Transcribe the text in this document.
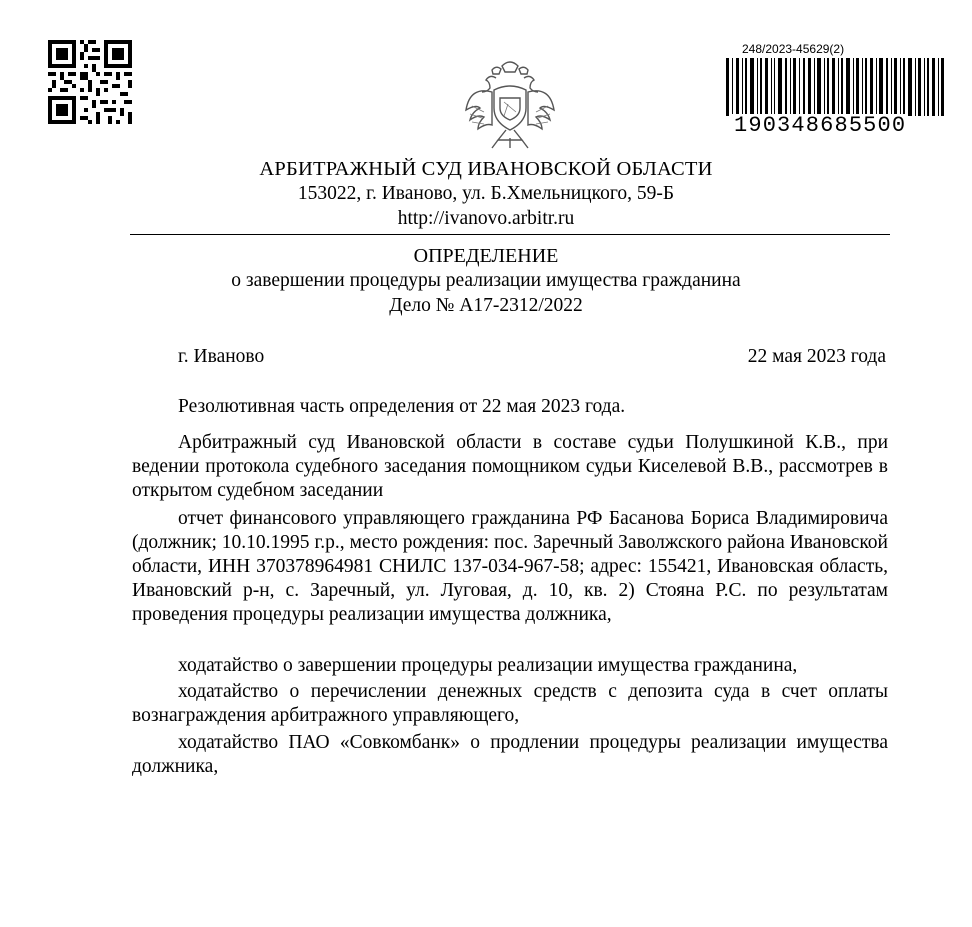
248/2023-45629(2)
190348685500
АРБИТРАЖНЫЙ СУД ИВАНОВСКОЙ ОБЛАСТИ
153022, г. Иваново, ул. Б.Хмельницкого, 59-Б
http://ivanovo.arbitr.ru
ОПРЕДЕЛЕНИЕ
о завершении процедуры реализации имущества гражданина
Дело № А17-2312/2022
г. Иваново	22 мая 2023 года
Резолютивная часть определения от 22 мая 2023 года.
Арбитражный суд Ивановской области в составе судьи Полушкиной К.В., при ведении протокола судебного заседания помощником судьи Киселевой В.В., рассмотрев в открытом судебном заседании
отчет финансового управляющего гражданина РФ Басанова Бориса Владимировича (должник; 10.10.1995 г.р., место рождения: пос. Заречный Заволжского района Ивановской области, ИНН 370378964981 СНИЛС 137-034-967-58; адрес: 155421, Ивановская область, Ивановский р-н, с. Заречный, ул. Луговая, д. 10, кв. 2) Стояна Р.С. по результатам проведения процедуры реализации имущества должника,
ходатайство о завершении процедуры реализации имущества гражданина,
ходатайство о перечислении денежных средств с депозита суда в счет оплаты вознаграждения арбитражного управляющего,
ходатайство ПАО «Совкомбанк» о продлении процедуры реализации имущества должника,
